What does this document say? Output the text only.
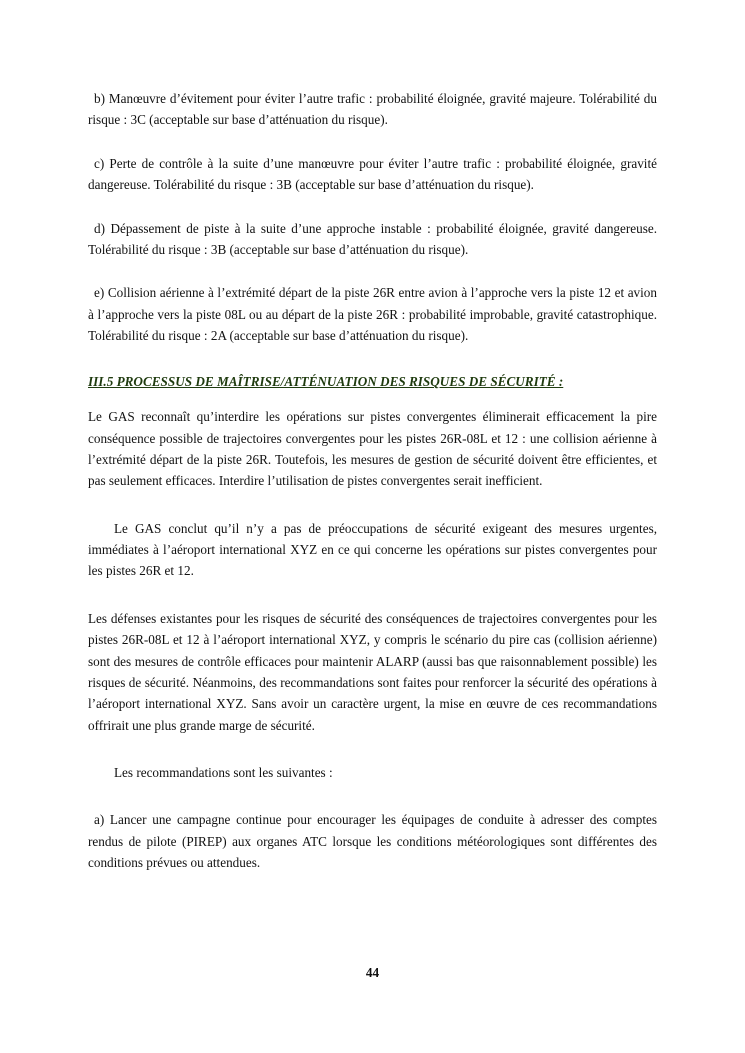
b) Manœuvre d’évitement pour éviter l’autre trafic : probabilité éloignée, gravité majeure. Tolérabilité du risque : 3C (acceptable sur base d’atténuation du risque).

c) Perte de contrôle à la suite d’une manœuvre pour éviter l’autre trafic : probabilité éloignée, gravité dangereuse. Tolérabilité du risque : 3B (acceptable sur base d’atténuation du risque).

d) Dépassement de piste à la suite d’une approche instable : probabilité éloignée, gravité dangereuse. Tolérabilité du risque : 3B (acceptable sur base d’atténuation du risque).

e) Collision aérienne à l’extrémité départ de la piste 26R entre avion à l’approche vers la piste 12 et avion à l’approche vers la piste 08L ou au départ de la piste 26R : probabilité improbable, gravité catastrophique. Tolérabilité du risque : 2A (acceptable sur base d’atténuation du risque).

III.5 PROCESSUS DE MAÎTRISE/ATTÉNUATION DES RISQUES DE SÉCURITÉ :

Le GAS reconnaît qu’interdire les opérations sur pistes convergentes éliminerait efficacement la pire conséquence possible de trajectoires convergentes pour les pistes 26R-08L et 12 : une collision aérienne à l’extrémité départ de la piste 26R. Toutefois, les mesures de gestion de sécurité doivent être efficientes, et pas seulement efficaces. Interdire l’utilisation de pistes convergentes serait inefficient.

Le GAS conclut qu’il n’y a pas de préoccupations de sécurité exigeant des mesures urgentes, immédiates à l’aéroport international XYZ en ce qui concerne les opérations sur pistes convergentes pour les pistes 26R et 12.

Les défenses existantes pour les risques de sécurité des conséquences de trajectoires convergentes pour les pistes 26R-08L et 12 à l’aéroport international XYZ, y compris le scénario du pire cas (collision aérienne) sont des mesures de contrôle efficaces pour maintenir ALARP (aussi bas que raisonnablement possible) les risques de sécurité. Néanmoins, des recommandations sont faites pour renforcer la sécurité des opérations à l’aéroport international XYZ. Sans avoir un caractère urgent, la mise en œuvre de ces recommandations offrirait une plus grande marge de sécurité.

Les recommandations sont les suivantes :

a) Lancer une campagne continue pour encourager les équipages de conduite à adresser des comptes rendus de pilote (PIREP) aux organes ATC lorsque les conditions météorologiques sont différentes des conditions prévues ou attendues.

44
